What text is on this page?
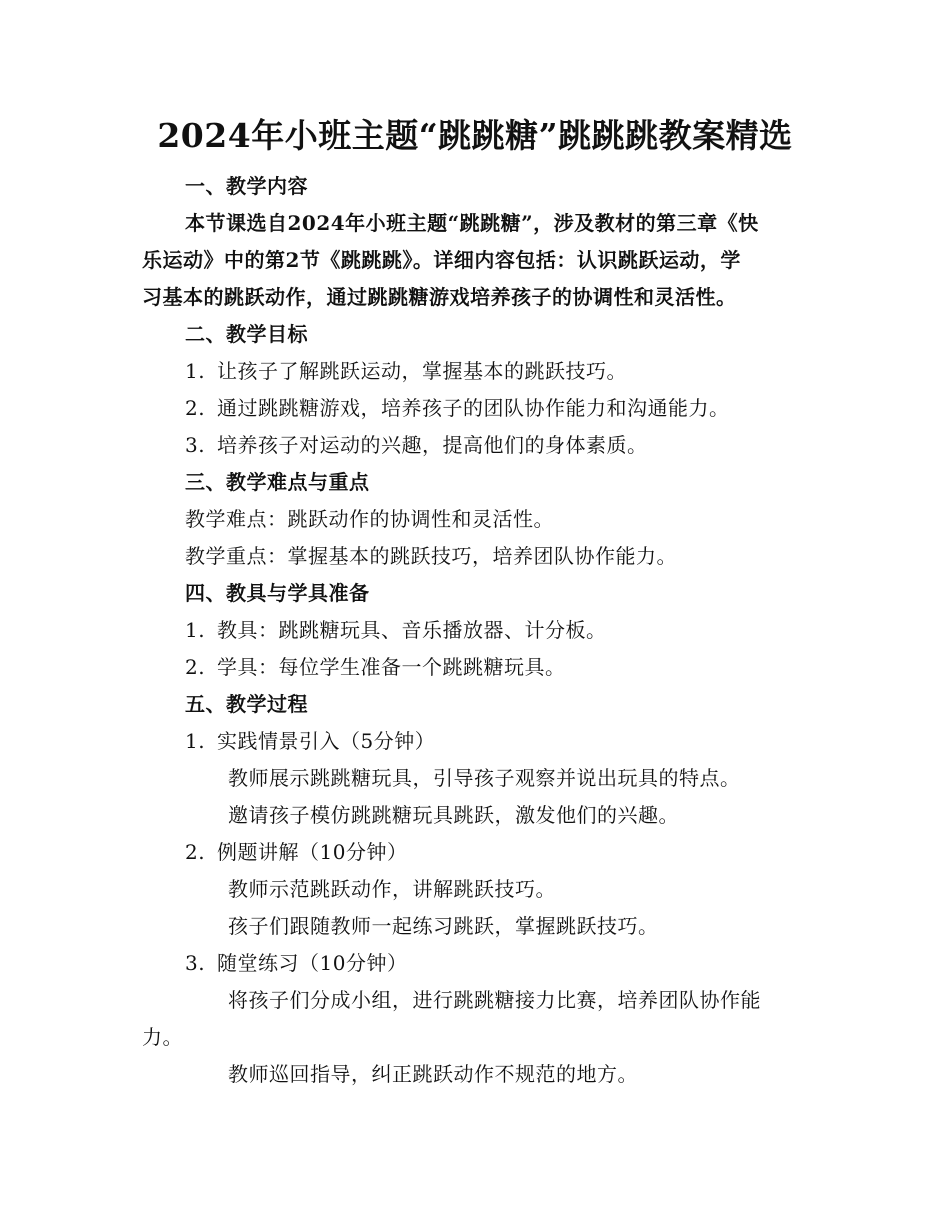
2024年小班主题“跳跳糖”跳跳跳教案精选
一、教学内容
本节课选自2024年小班主题“跳跳糖”，涉及教材的第三章《快
乐运动》中的第2节《跳跳跳》。详细内容包括：认识跳跃运动，学
习基本的跳跃动作，通过跳跳糖游戏培养孩子的协调性和灵活性。
二、教学目标
1. 让孩子了解跳跃运动，掌握基本的跳跃技巧。
2. 通过跳跳糖游戏，培养孩子的团队协作能力和沟通能力。
3. 培养孩子对运动的兴趣，提高他们的身体素质。
三、教学难点与重点
教学难点：跳跃动作的协调性和灵活性。
教学重点：掌握基本的跳跃技巧，培养团队协作能力。
四、教具与学具准备
1. 教具：跳跳糖玩具、音乐播放器、计分板。
2. 学具：每位学生准备一个跳跳糖玩具。
五、教学过程
1. 实践情景引入（5分钟）
教师展示跳跳糖玩具，引导孩子观察并说出玩具的特点。
邀请孩子模仿跳跳糖玩具跳跃，激发他们的兴趣。
2. 例题讲解（10分钟）
教师示范跳跃动作，讲解跳跃技巧。
孩子们跟随教师一起练习跳跃，掌握跳跃技巧。
3. 随堂练习（10分钟）
将孩子们分成小组，进行跳跳糖接力比赛，培养团队协作能
力。
教师巡回指导，纠正跳跃动作不规范的地方。
